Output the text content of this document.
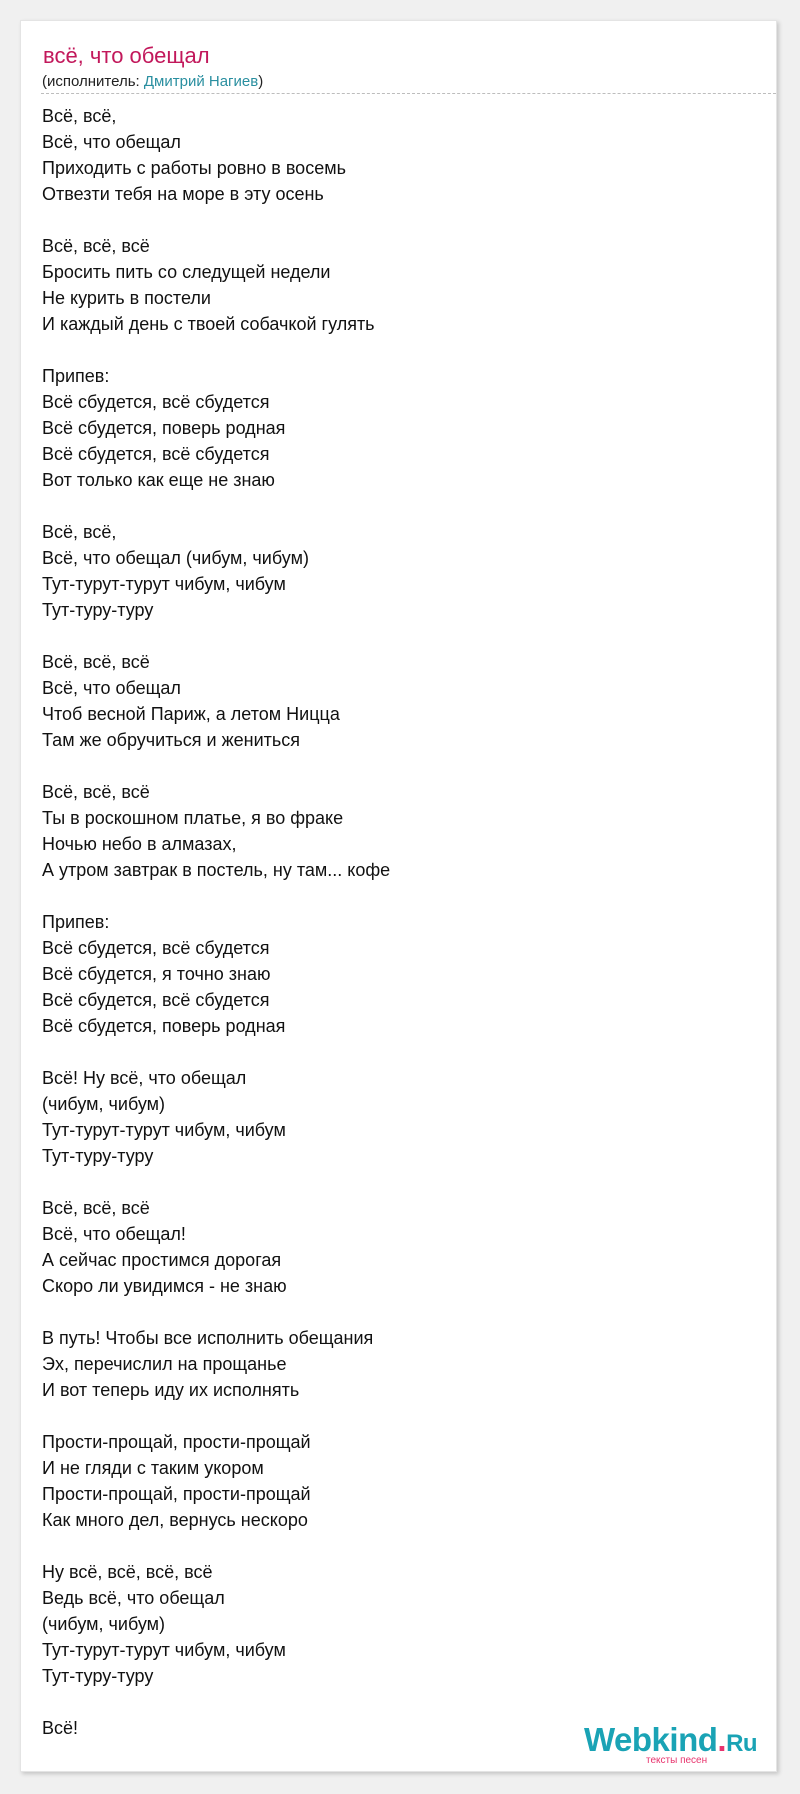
всё, что обещал
(исполнитель: Дмитрий Нагиев)
Всё, всё,
Всё, что обещал
Приходить с работы ровно в восемь
Отвезти тебя на море в эту осень
Всё, всё, всё
Бросить пить со следущей недели
Не курить в постели
И каждый день с твоей собачкой гулять
Припев:
Всё сбудется, всё сбудется
Всё сбудется, поверь родная
Всё сбудется, всё сбудется
Вот только как еще не знаю
Всё, всё,
Всё, что обещал (чибум, чибум)
Тут-турут-турут чибум, чибум
Тут-туру-туру
Всё, всё, всё
Всё, что обещал
Чтоб весной Париж, а летом Ницца
Там же обручиться и жениться
Всё, всё, всё
Ты в роскошном платье, я во фраке
Ночью небо в алмазах,
А утром завтрак в постель, ну там... кофе
Припев:
Всё сбудется, всё сбудется
Всё сбудется, я точно знаю
Всё сбудется, всё сбудется
Всё сбудется, поверь родная
Всё! Ну всё, что обещал
(чибум, чибум)
Тут-турут-турут чибум, чибум
Тут-туру-туру
Всё, всё, всё
Всё, что обещал!
А сейчас простимся дорогая
Скоро ли увидимся - не знаю
В путь! Чтобы все исполнить обещания
Эх, перечислил на прощанье
И вот теперь иду их исполнять
Прости-прощай, прости-прощай
И не гляди с таким укором
Прости-прощай, прости-прощай
Как много дел, вернусь нескоро
Ну всё, всё, всё, всё
Ведь всё, что обещал
(чибум, чибум)
Тут-турут-турут чибум, чибум
Тут-туру-туру
Всё!	Webkind.Ru
тексты песен
